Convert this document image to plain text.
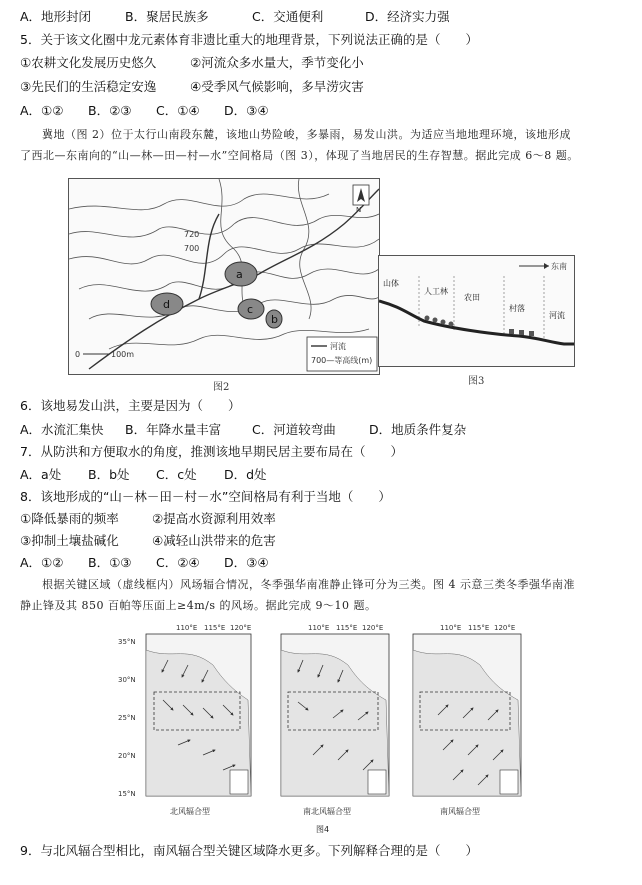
A．地形封闭	B．聚居民族多	C．交通便利	D．经济实力强
5．关于该文化圈中龙元素体育非遗比重大的地理背景，下列说法正确的是（　　）
①农耕文化发展历史悠久	②河流众多水量大，季节变化小
③先民们的生活稳定安逸	④受季风气候影响，多旱涝灾害
A．①② B．②③ C．①④ D．③④
冀地（图 2）位于太行山南段东麓，该地山势险峻，多暴雨，易发山洪。为适应当地地理环境，该地形成
了西北—东南向的“山—林—田—村—水”空间格局（图 3），体现了当地居民的生存智慧。据此完成 6～8 题。
a
b
c
d
720
700
N
0	100m
河流
700—等高线(m)
图2
东南
山体
人工林
农田
村落
河流
图3
6．该地易发山洪，主要是因为（　　）
A．水流汇集快 B．年降水量丰富 C．河道较弯曲	D．地质条件复杂
7．从防洪和方便取水的角度，推测该地早期民居主要布局在（　　）
A．a处 B．b处 C．c处 D．d处
8．该地形成的“山－林－田－村－水”空间格局有利于当地（　　）
①降低暴雨的频率	②提高水资源利用效率
③抑制土壤盐碱化	④减轻山洪带来的危害
A．①② B．①③ C．②④ D．③④
根据关键区域（虚线框内）风场辐合情况，冬季强华南准静止锋可分为三类。图 4 示意三类冬季强华南准
静止锋及其 850 百帕等压面上≥4m/s 的风场。据此完成 9～10 题。
35°N
30°N
25°N
20°N
15°N
110°E 115°E 120°E
北风辐合型
110°E 115°E 120°E
南北风辐合型
110°E 115°E 120°E
南风辐合型
图4
9．与北风辐合型相比，南风辐合型关键区域降水更多。下列解释合理的是（　　）
